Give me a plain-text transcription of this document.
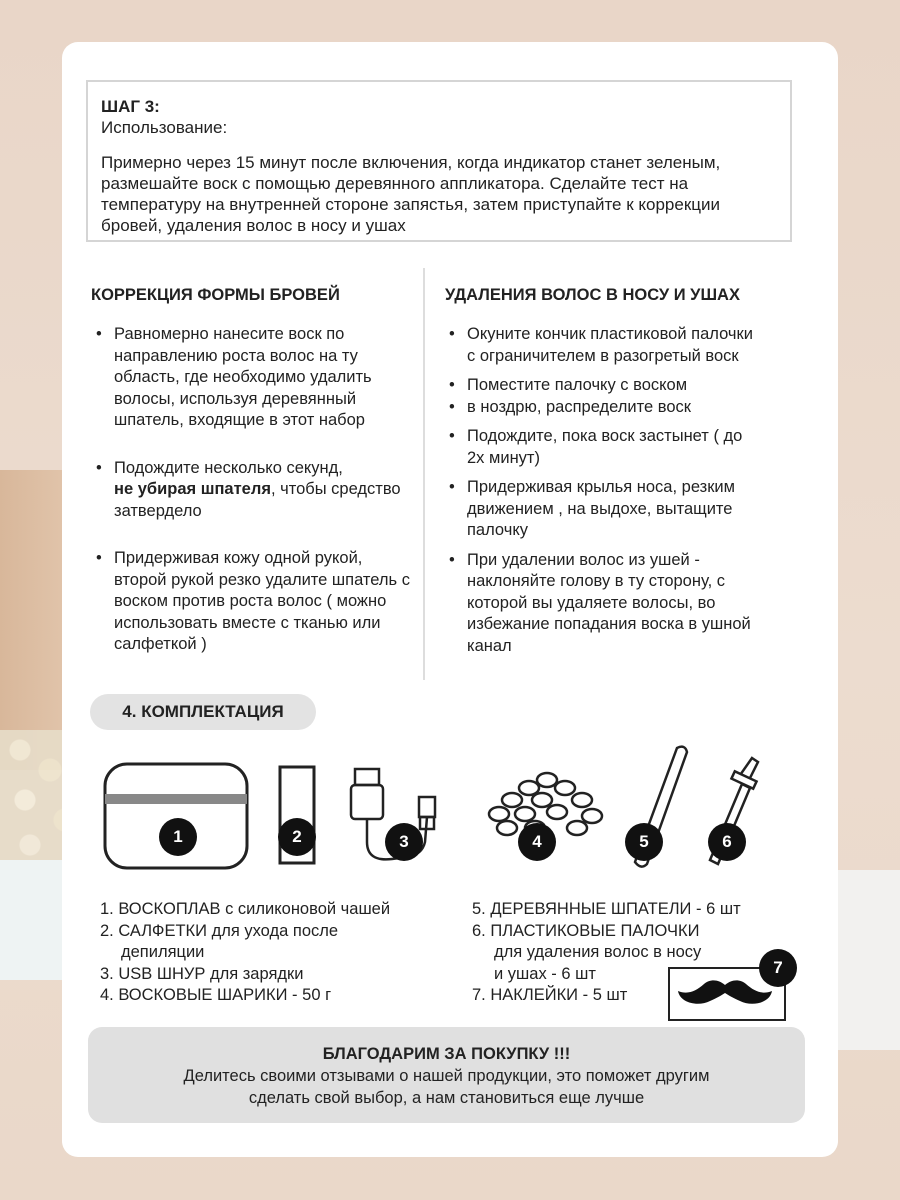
ШАГ 3:
Использование:
Примерно через 15 минут после включения, когда индикатор станет зеленым, размешайте воск с помощью деревянного аппликатора. Сделайте тест на температуру на внутренней стороне запястья, затем приступайте к коррекции бровей, удаления волос в носу и ушах
КОРРЕКЦИЯ ФОРМЫ БРОВЕЙ	УДАЛЕНИЯ ВОЛОС В НОСУ И УШАХ
• Равномерно нанесите воск по направлению роста волос на ту область, где необходимо удалить волосы, используя деревянный шпатель, входящие в этот набор
• Подождите несколько секунд,
не убирая шпателя, чтобы средство затвердело
• Придерживая кожу одной рукой, второй рукой резко удалите шпатель с воском против роста волос ( можно использовать вместе с тканью или салфеткой )
• Окуните кончик пластиковой палочки с ограничителем в разогретый воск
• Поместите палочку с воском
• в ноздрю, распределите воск
• Подождите, пока воск застынет ( до 2х минут)
• Придерживая крылья носа, резким движением , на выдохе, вытащите палочку
• При удалении волос из ушей - наклоняйте голову в ту сторону, с которой вы удаляете волосы, во избежание попадания воска в ушной канал
4. КОМПЛЕКТАЦИЯ
1	2	3	4	5	6
1. ВОСКОПЛАВ с силиконовой чашей
2. САЛФЕТКИ для ухода после
депиляции
3. USB ШНУР для зарядки
4. ВОСКОВЫЕ ШАРИКИ - 50 г
5. ДЕРЕВЯННЫЕ ШПАТЕЛИ - 6 шт
6. ПЛАСТИКОВЫЕ ПАЛОЧКИ
для удаления волос в носу
и ушах - 6 шт
7. НАКЛЕЙКИ - 5 шт
7
БЛАГОДАРИМ ЗА ПОКУПКУ !!!
Делитесь своими отзывами о нашей продукции, это поможет другим
сделать свой выбор, а нам становиться еще лучше
